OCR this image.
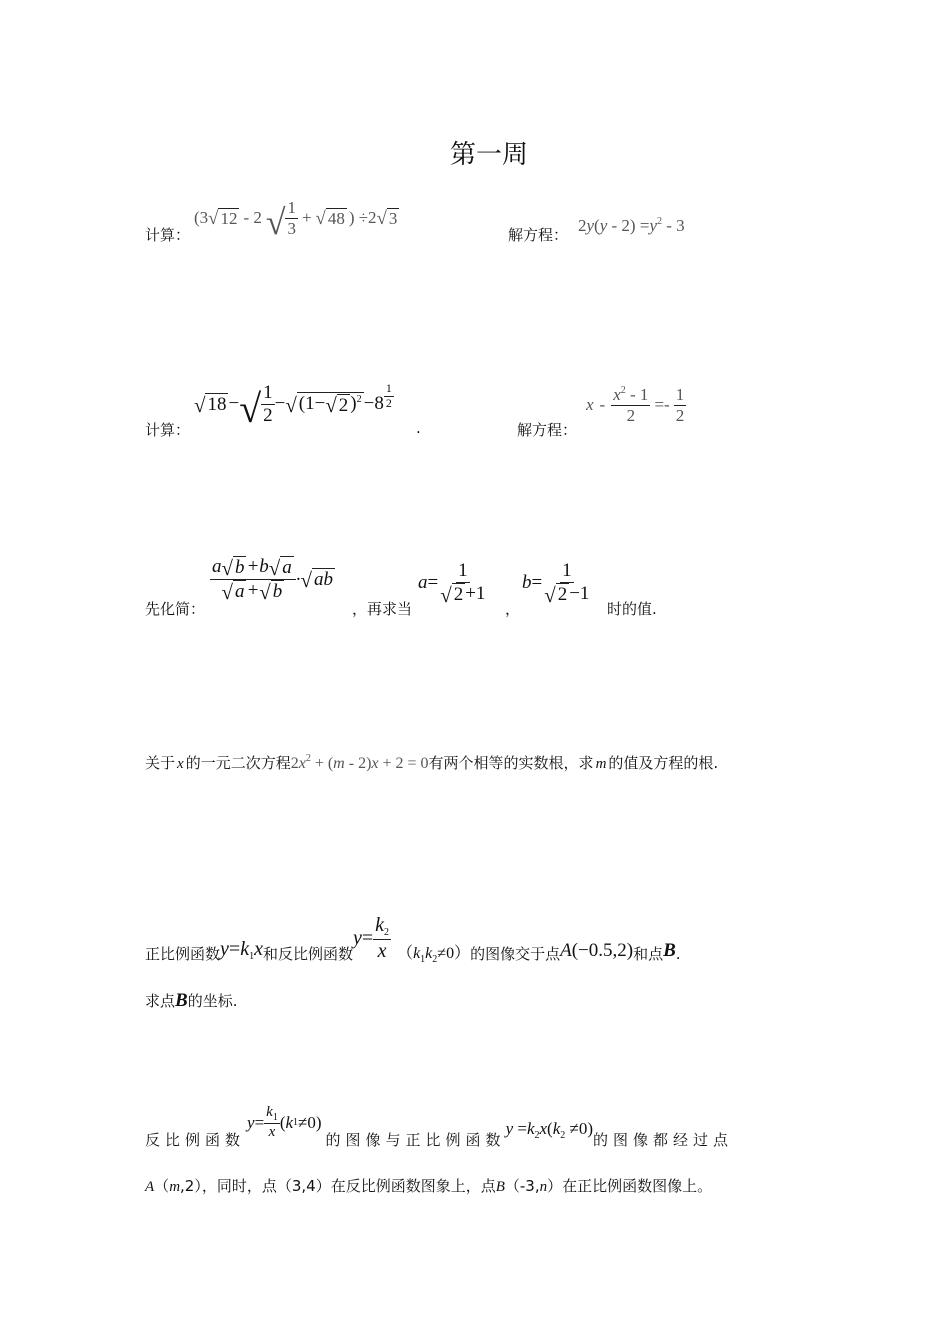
第一周
计算：
(3 √ 12 - 2 √ $\frac{1}{3}$ + √ 48 ) ÷2 √ 3
解方程： $2y(y - 2) =y^2 - 3$
计算：
√ 18 − √ $\frac{1}{2}$ − √ (1− √ 2 )$^2 -8 \frac{1}{2}$
.	解方程：
$x - \frac{x^2 - 1}{2} =- \frac{1}{2}$
先化简：
$\frac{a √ b +b √ a}{√ a + √ b}$ · √ ab
，再求当
$a = \frac{1}{√ 2 +1}$
，
$b = \frac{1}{√ 2 -1}$
时的值.
关于 x 的一元二次方程 $2x^2 + (m - 2)x + 2 = 0$ 有两个相等的实数根，求 m 的值及方程的根.
正比例函数 $y=k_1x$ 和反比例函数
$y = \frac{k_2}{x} (k_1k_2\ne 0)$ 的图像交于点 A(−0.5,2) 和点 B .
求点 B 的坐标.
反比例函数
$y = \frac{k_1}{x}$ ( k 1 ≠0)
的图像与正比例函数
$y =k_2x(k_2 \ne 0)$
的图像都经过点
A （ m ,2），同时，点（3,4）在反比例函数图象上，点 B （-3, n ）在正比例函数图像上。
